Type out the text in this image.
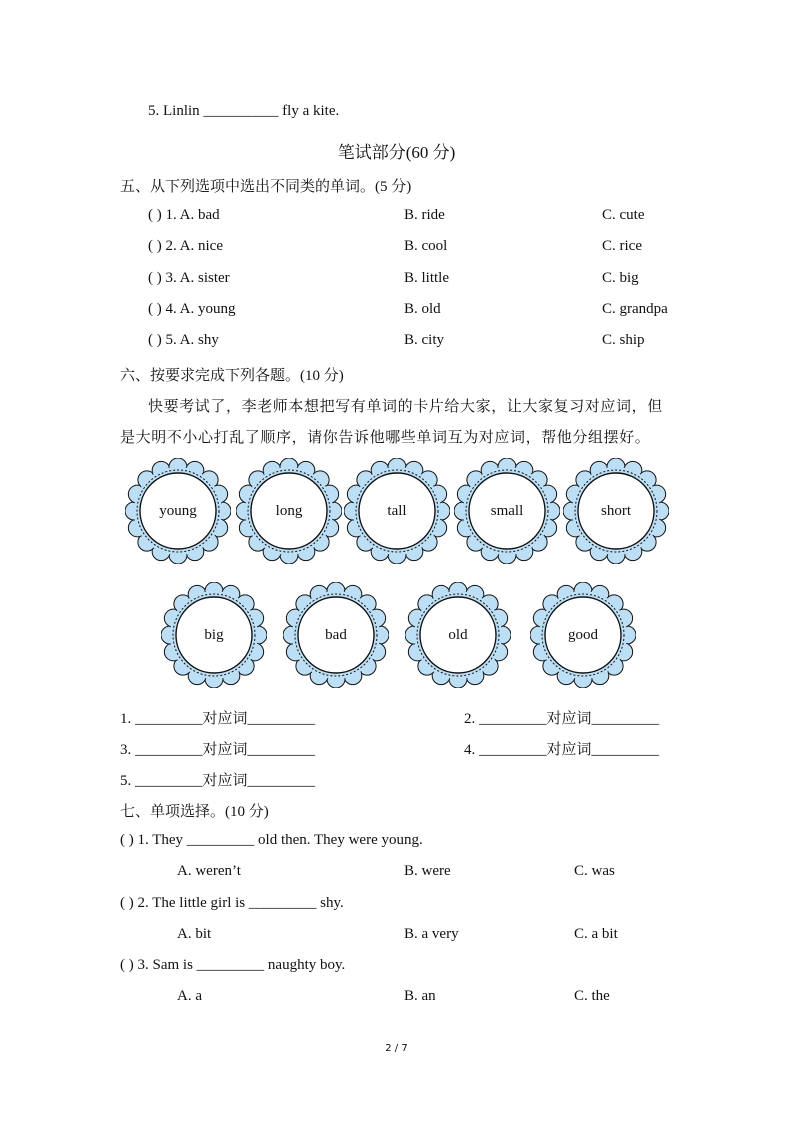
5. Linlin __________ fly a kite.
笔试部分(60 分)
五、从下列选项中选出不同类的单词。(5 分)
( ) 1. A. bad	B. ride	C. cute
( ) 2. A. nice	B. cool	C. rice
( ) 3. A. sister	B. little	C. big
( ) 4. A. young	B. old	C. grandpa
( ) 5. A. shy	B. city	C. ship
六、按要求完成下列各题。(10 分)
快要考试了，李老师本想把写有单词的卡片给大家，让大家复习对应词，但
是大明不小心打乱了顺序，请你告诉他哪些单词互为对应词，帮他分组摆好。
young	long	tall	small	short
big	bad	old	good
1. _________对应词_________	2. _________对应词_________
3. _________对应词_________	4. _________对应词_________
5. _________对应词_________
七、单项选择。(10 分)
( ) 1. They _________ old then. They were young.
A. weren’t	B. were	C. was
( ) 2. The little girl is _________ shy.
A. bit	B. a very	C. a bit
( ) 3. Sam is _________ naughty boy.
A. a	B. an	C. the
2 / 7
